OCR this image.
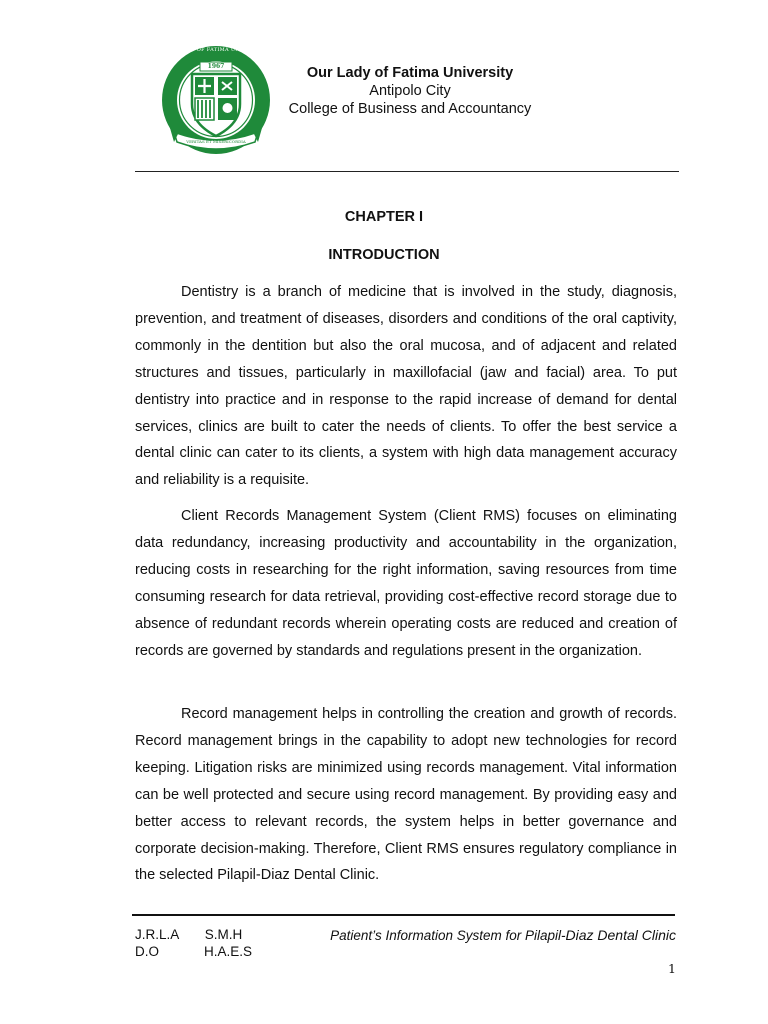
OUR LADY OF FATIMA UNIVERSITY
1967
VERITAS ET MISERICORDIA
Our Lady of Fatima University
Antipolo City
College of Business and Accountancy
CHAPTER I
INTRODUCTION

Dentistry is a branch of medicine that is involved in the study, diagnosis, prevention, and treatment of diseases, disorders and conditions of the oral captivity, commonly in the dentition but also the oral mucosa, and of adjacent and related structures and tissues, particularly in maxillofacial (jaw and facial) area. To put dentistry into practice and in response to the rapid increase of demand for dental services, clinics are built to cater the needs of clients. To offer the best service a dental clinic can cater to its clients, a system with high data management accuracy and reliability is a requisite.

Client Records Management System (Client RMS) focuses on eliminating data redundancy, increasing productivity and accountability in the organization, reducing costs in researching for the right information, saving resources from time consuming research for data retrieval, providing cost-effective record storage due to absence of redundant records wherein operating costs are reduced and creation of records are governed by standards and regulations present in the organization.

Record management helps in controlling the creation and growth of records. Record management brings in the capability to adopt new technologies for record keeping. Litigation risks are minimized using records management. Vital information can be well protected and secure using record management. By providing easy and better access to relevant records, the system helps in better governance and corporate decision-making. Therefore, Client RMS ensures regulatory compliance in the selected Pilapil-Diaz Dental Clinic.

J.R.L.A       S.M.H
D.O            H.A.E.S
Patient’s Information System for Pilapil-Diaz Dental Clinic
1
